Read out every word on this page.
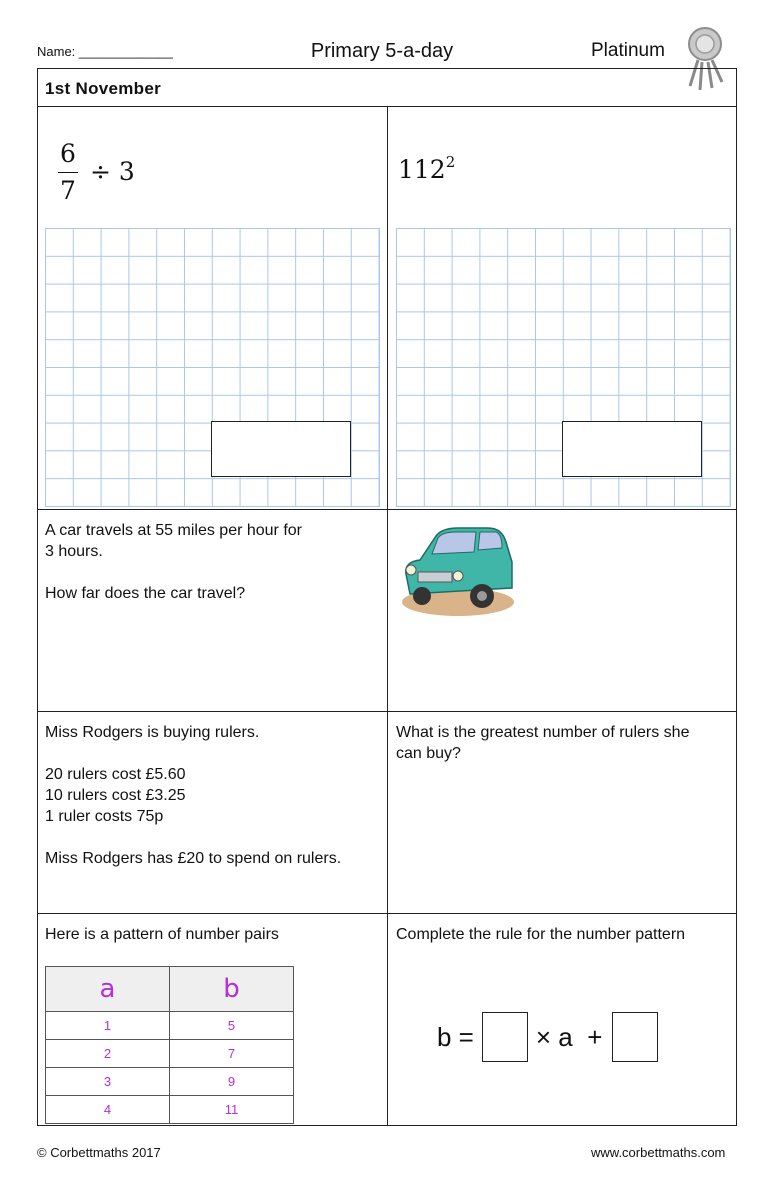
Name: _____________	Primary 5-a-day	Platinum
1st November
6
7
÷ 3	$112^2$
A car travels at 55 miles per hour for
3 hours.
How far does the car travel?
Miss Rodgers is buying rulers.
20 rulers cost £5.60
10 rulers cost £3.25
1 ruler costs 75p
Miss Rodgers has £20 to spend on rulers.
What is the greatest number of rulers she
can buy?
Here is a pattern of number pairs
a	b
1	5
2	7
3	9
4	11
Complete the rule for the number pattern
b = × a  +
© Corbettmaths 2017	www.corbettmaths.com
